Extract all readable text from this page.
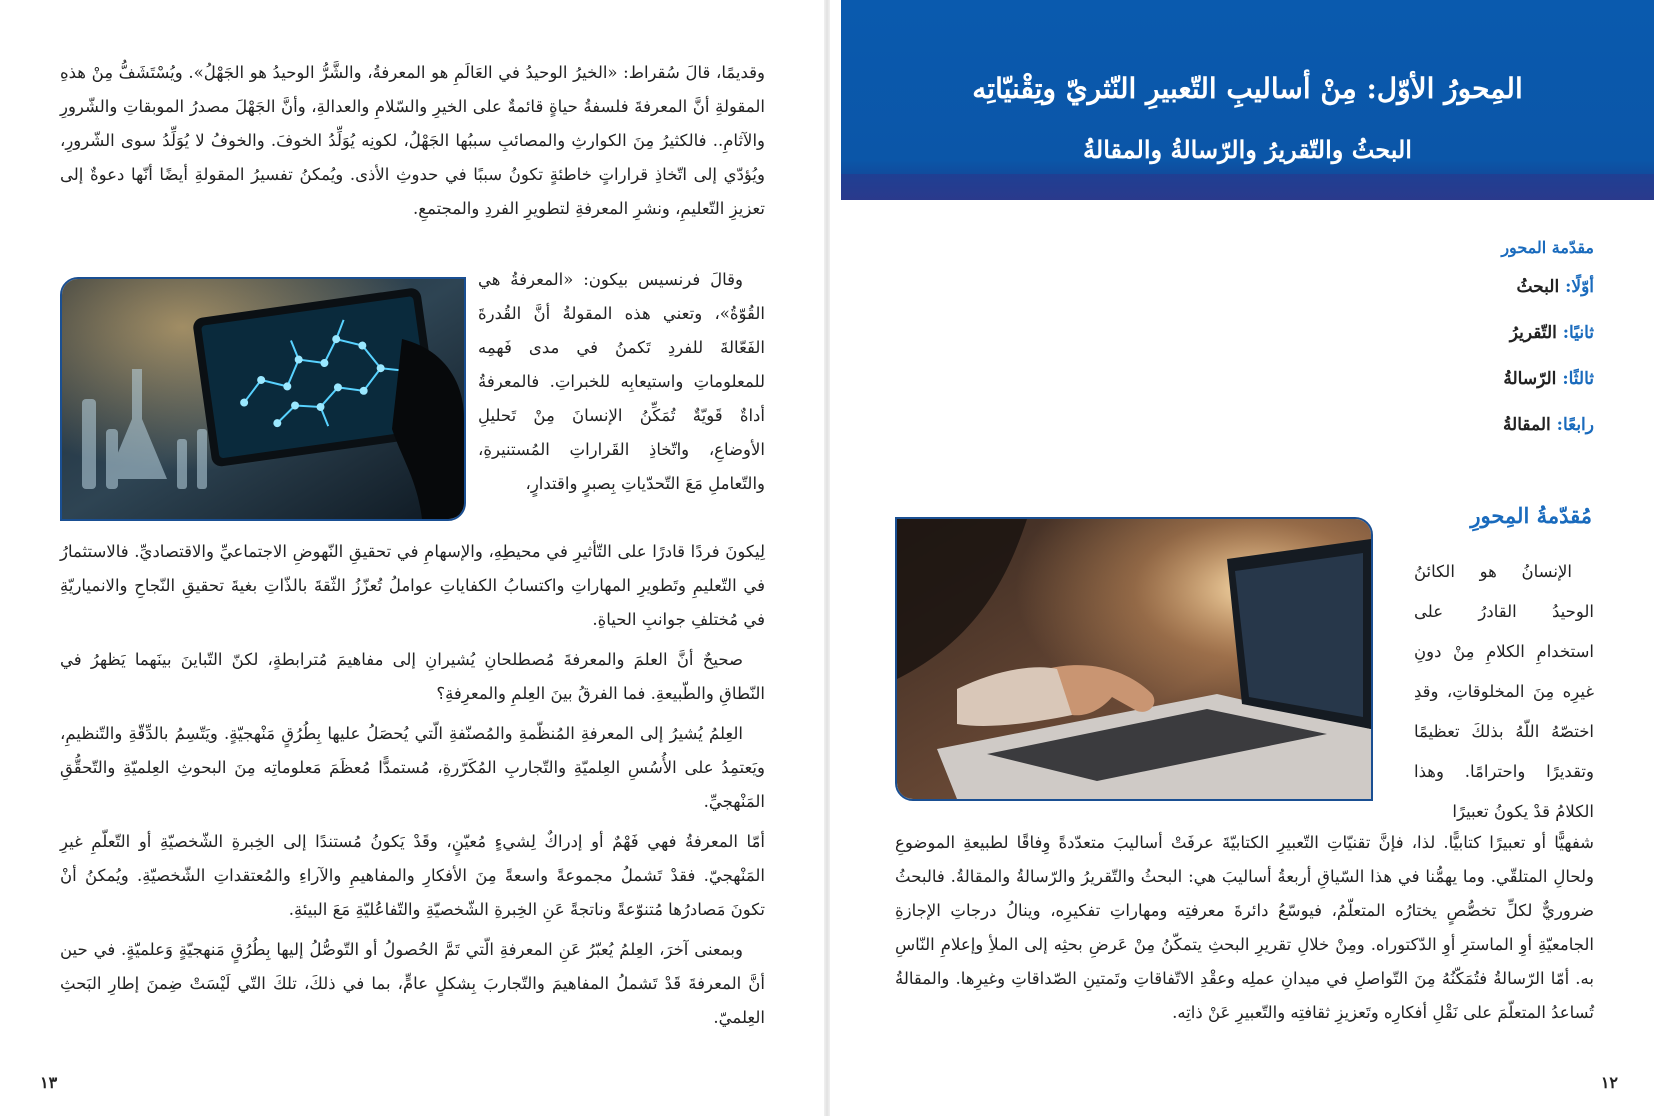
وقديمًا، قالَ سُقراط: «الخيرُ الوحيدُ في العَالَمِ هو المعرفةُ، والشَّرُّ الوحيدُ هو الجَهْلُ». ويُسْتَشَفُّ مِنْ هذهِ المقولةِ أنَّ المعرفةَ فلسفةُ حياةٍ قائمةٌ على الخيرِ والسّلامِ والعدالةِ، وأنَّ الجَهْلَ مصدرُ الموبقاتِ والشّرورِ والآثامِ.. فالكثيرُ مِنَ الكوارثِ والمصائبِ سببُها الجَهْلُ، لكونِه يُوَلِّدُ الخوفَ. والخوفُ لا يُوَلِّدُ سوى الشّرورِ، ويُؤدّي إلى اتّخاذِ قراراتٍ خاطئةٍ تكونُ سببًا في حدوثِ الأذى. ويُمكنُ تفسيرُ المقولةِ أيضًا أنّها دعوةٌ إلى تعزيزِ التّعليمِ، ونشرِ المعرفةِ لتطويرِ الفردِ والمجتمعِ.

وقالَ فرنسيس بيكون: «المعرفةُ هي القُوّةُ»، وتعني هذه المقولةُ أنَّ القُدرةَ الفَعّالةَ للفردِ تَكمنُ في مدى فَهمِه للمعلوماتِ واستيعابِه للخبراتِ. فالمعرفةُ أداةٌ قَويّةٌ تُمَكِّنُ الإنسانَ مِنْ تَحليلِ الأوضاعِ، واتّخاذِ القَراراتِ المُستنيرةِ، والتّعاملِ مَعَ التّحدّياتِ بِصبرٍ واقتدارٍ،

لِيكونَ فردًا قادرًا على التّأثيرِ في محيطِهِ، والإسهامِ في تحقيقِ النّهوضِ الاجتماعيِّ والاقتصاديِّ. فالاستثمارُ في التّعليمِ وتَطويرِ المهاراتِ واكتسابُ الكفاياتِ عواملُ تُعزّزُ الثّقةَ بالذّاتِ بغيةَ تحقيقِ النّجاحِ والانمياريّةِ في مُختلفِ جوانبِ الحياةِ.

صحيحٌ أنَّ العلمَ والمعرفةَ مُصطلحانِ يُشيرانِ إلى مفاهيمَ مُترابطةٍ، لكنّ التّباينَ بينَهما يَظهرُ في النّطاقِ والطّبيعةِ. فما الفرقُ بينَ العِلمِ والمعرِفةِ؟

العِلمُ يُشيرُ إلى المعرفةِ المُنظّمةِ والمُصنّفةِ الّتي يُحصَلُ عليها بِطُرُقٍ مَنْهجيّةٍ. ويَتّسِمُ بالدِّقّةِ والتّنظيمِ، ويَعتمِدُ على الأُسُسِ العِلميّةِ والتّجاربِ المُكَرّرةِ، مُستمدًّا مُعظَمَ مَعلوماتِه مِنَ البحوثِ العِلميّةِ والتّحقُّقِ المَنْهجيِّ.

أمّا المعرفةُ فهي فَهْمٌ أو إدراكٌ لِشيءٍ مُعيّنٍ، وقَدْ يَكونُ مُستندًا إلى الخِبرةِ الشّخصيّةِ أو التّعلّمِ غيرِ المَنْهجيّ. فقدْ تَشملُ مجموعةً واسعةً مِنَ الأفكارِ والمفاهيمِ والآراءِ والمُعتقداتِ الشّخصيّةِ. ويُمكنُ أنْ تكونَ مَصادرُها مُتنوّعةً وناتجةً عَنِ الخِبرةِ الشّخصيّةِ والتّفاعُليّةِ مَعَ البيئةِ.

وبمعنى آخرَ، العِلمُ يُعبّرُ عَنِ المعرفةِ الّتي تَمَّ الحُصولُ أو التّوصُّلُ إليها بِطُرُقٍ مَنهجيّةٍ وَعلميّةٍ. في حين أنَّ المعرفةَ قَدْ تَشملُ المفاهيمَ والتّجاربَ بِشكلٍ عامٍّ، بما في ذلكَ، تلكَ التّي لَيْسَتْ ضِمنَ إطارِ البَحثِ العِلميّ.

١٣
المِحورُ الأوّل: مِنْ أساليبِ التّعبيرِ النّثريّ وتِقْنيّاتِه
البحثُ والتّقريرُ والرّسالةُ والمقالةُ
مقدّمة المحور
أوّلًا: البحثُ
ثانيًا: التّقريرُ
ثالثًا: الرّسالةُ
رابعًا: المقالةُ
مُقدّمةُ المِحورِ

الإنسانُ هو الكائنُ الوحيدُ القادرُ على استخدامِ الكلامِ مِنْ دونِ غيرِه مِنَ المخلوقاتِ، وقدِ اختصّهُ اللّهُ بذلكَ تعظيمًا وتقديرًا واحترامًا. وهذا الكلامُ قدْ يكونُ تعبيرًا

شفهيًّا أو تعبيرًا كتابيًّا. لذا، فإنَّ تقنيّاتِ التّعبيرِ الكتابيّةَ عرفَتْ أساليبَ متعدّدةً وِفاقًا لطبيعةِ الموضوعِ ولحالِ المتلقّي. وما يهمُّنا في هذا السّياقِ أربعةُ أساليبَ هي: البحثُ والتّقريرُ والرّسالةُ والمقالةُ. فالبحثُ ضروريٌّ لكلِّ تخصُّصٍ يختارُه المتعلّمُ، فيوسّعُ دائرةَ معرفتِه ومهاراتِ تفكيرِه، وينالُ درجاتِ الإجازةِ الجامعيّةِ أوِ الماسترِ أوِ الدّكتوراه. ومِنْ خلالِ تقريرِ البحثِ يتمكّنُ مِنْ عَرضِ بحثِه إلى الملأِ وإعلامِ النّاسِ به. أمّا الرّسالةُ فتُمَكّنُهُ مِنَ التّواصلِ في ميدانِ عملِه وعقْدِ الاتّفاقاتِ وتَمتينِ الصّداقاتِ وغيرِها. والمقالةُ تُساعدُ المتعلّمَ على نَقْلِ أفكارِه وتَعزيزِ ثقافتِه والتّعبيرِ عَنْ ذاتِه.

١٢
